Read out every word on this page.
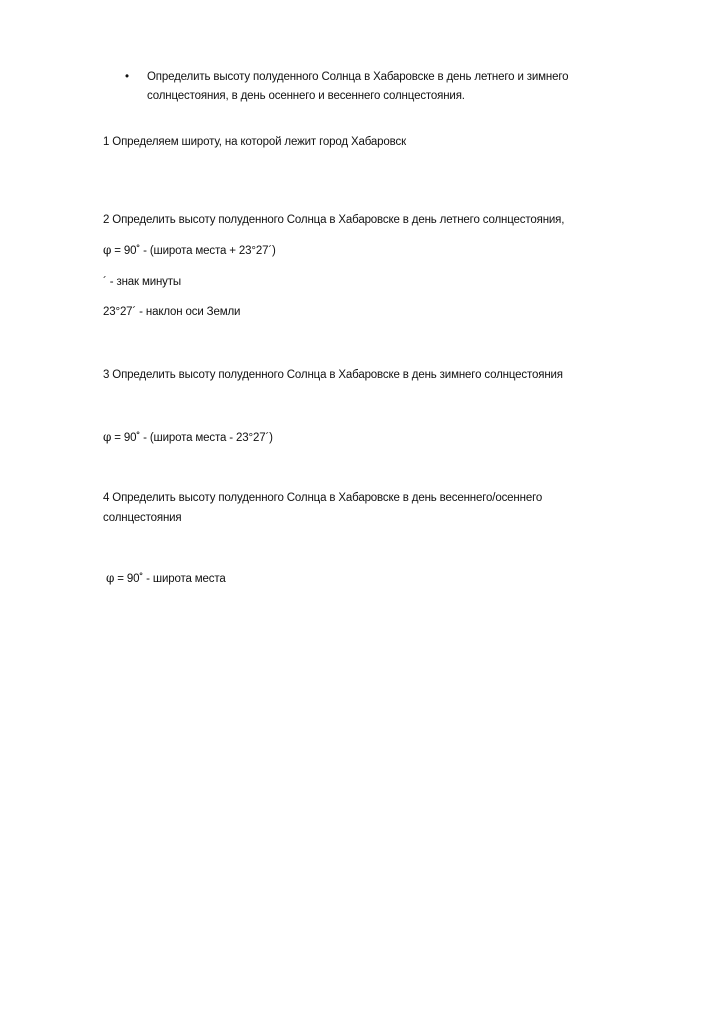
• Определить высоту полуденного Солнца в Хабаровске в день летнего и зимнего
солнцестояния, в день осеннего и весеннего солнцестояния.
1 Определяем широту, на которой лежит город Хабаровск
2 Определить высоту полуденного Солнца в Хабаровске в день летнего солнцестояния,
φ = 90˚ - (широта места + 23°27´)
´ - знак минуты
23°27´ - наклон оси Земли
3 Определить высоту полуденного Солнца в Хабаровске в день зимнего солнцестояния
φ = 90˚ - (широта места - 23°27´)
4 Определить высоту полуденного Солнца в Хабаровске в день весеннего/осеннего
солнцестояния
φ = 90˚ - широта места
